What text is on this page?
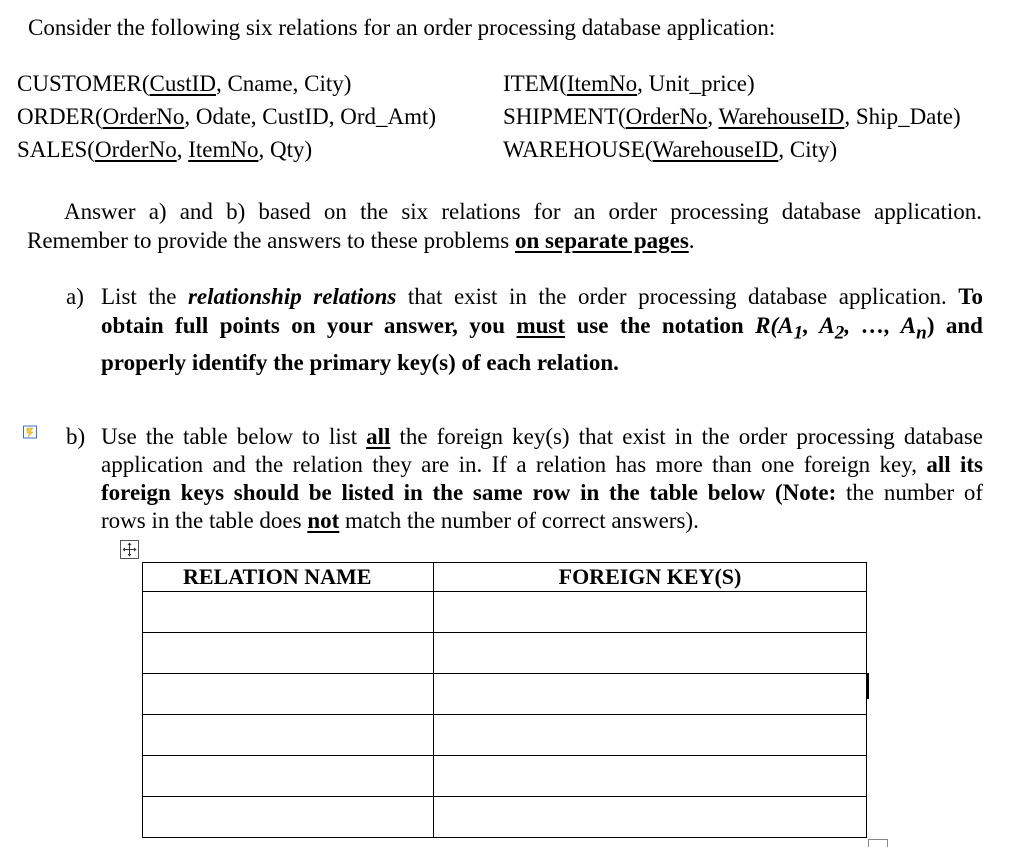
Consider the following six relations for an order processing database application:
CUSTOMER(CustID, Cname, City)
ORDER(OrderNo, Odate, CustID, Ord_Amt)
SALES(OrderNo, ItemNo, Qty)
ITEM(ItemNo, Unit_price)
SHIPMENT(OrderNo, WarehouseID, Ship_Date)
WAREHOUSE(WarehouseID, City)
Answer a) and b) based on the six relations for an order processing database application.
Remember to provide the answers to these problems on separate pages.
a) List the relationship relations that exist in the order processing database application. To
obtain full points on your answer, you must use the notation $R(A_1$, $A_2$, …, $A_n$) and
properly identify the primary key(s) of each relation.
b) Use the table below to list all the foreign key(s) that exist in the order processing database
application and the relation they are in. If a relation has more than one foreign key, all its
foreign keys should be listed in the same row in the table below (Note: the number of
rows in the table does not match the number of correct answers).
RELATION NAME	FOREIGN KEY(S)
